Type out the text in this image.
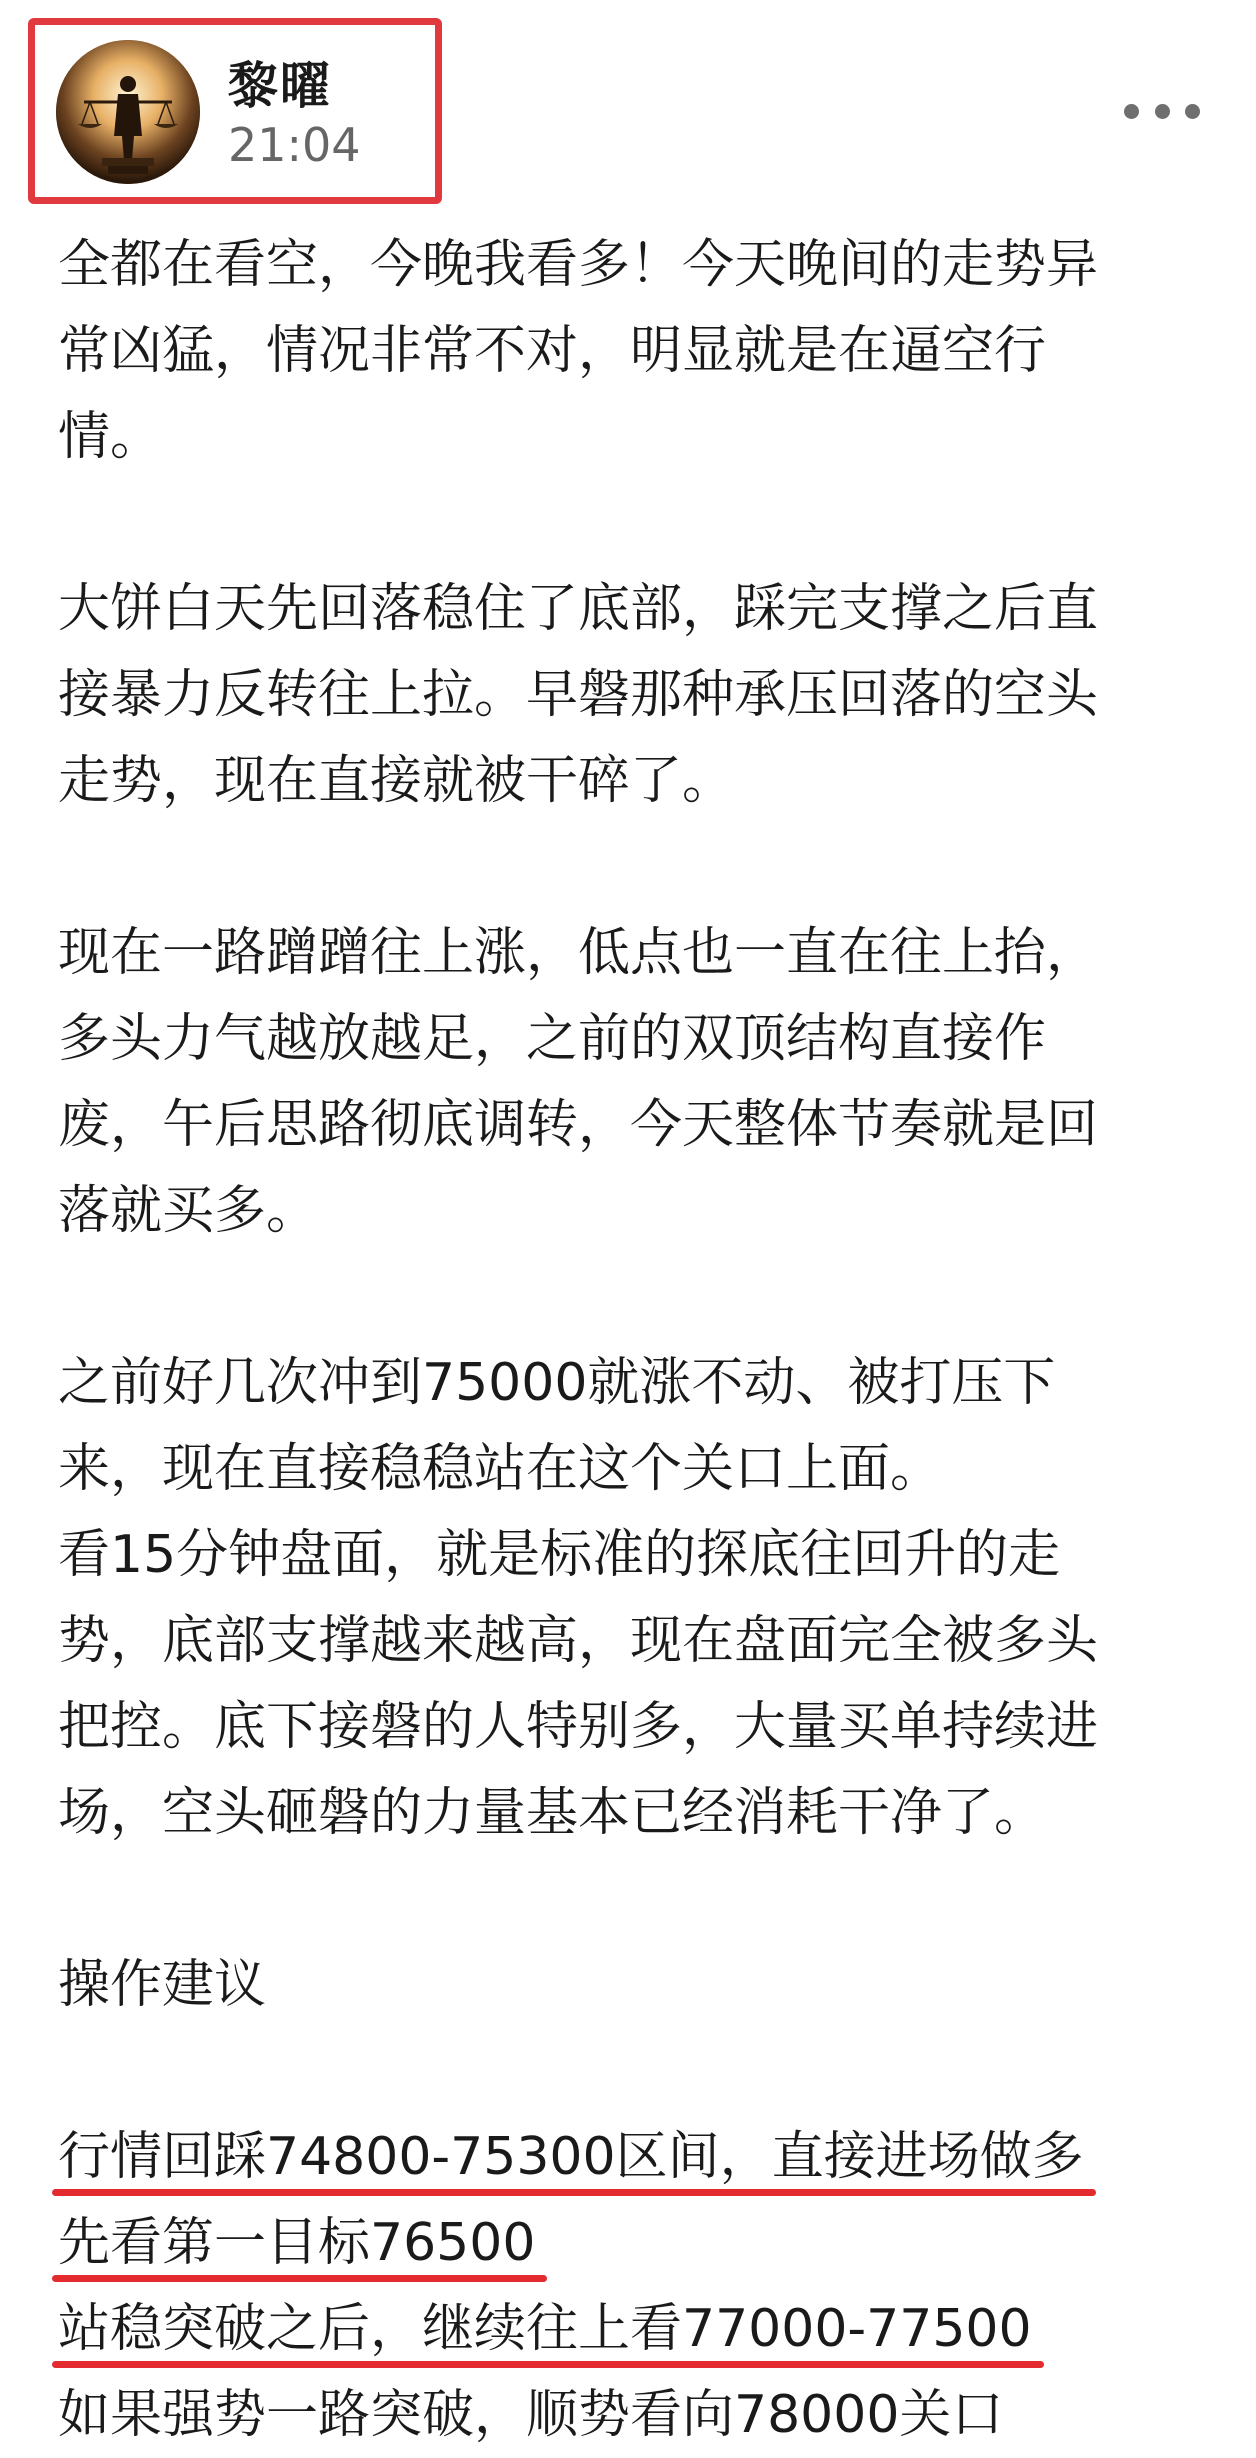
黎曜
21:04
全都在看空，今晚我看多！今天晚间的走势异
常凶猛，情况非常不对，明显就是在逼空行
情。
大饼白天先回落稳住了底部，踩完支撑之后直
接暴力反转往上拉。早磐那种承压回落的空头
走势，现在直接就被干碎了。
现在一路蹭蹭往上涨，低点也一直在往上抬，
多头力气越放越足，之前的双顶结构直接作
废，午后思路彻底调转，今天整体节奏就是回
落就买多。
之前好几次冲到75000就涨不动、被打压下
来，现在直接稳稳站在这个关口上面。
看15分钟盘面，就是标准的探底往回升的走
势，底部支撑越来越高，现在盘面完全被多头
把控。底下接磐的人特别多，大量买单持续进
场，空头砸磐的力量基本已经消耗干净了。
操作建议
行情回踩74800-75300区间，直接进场做多
先看第一目标76500
站稳突破之后，继续往上看77000-77500
如果强势一路突破，顺势看向78000关口
